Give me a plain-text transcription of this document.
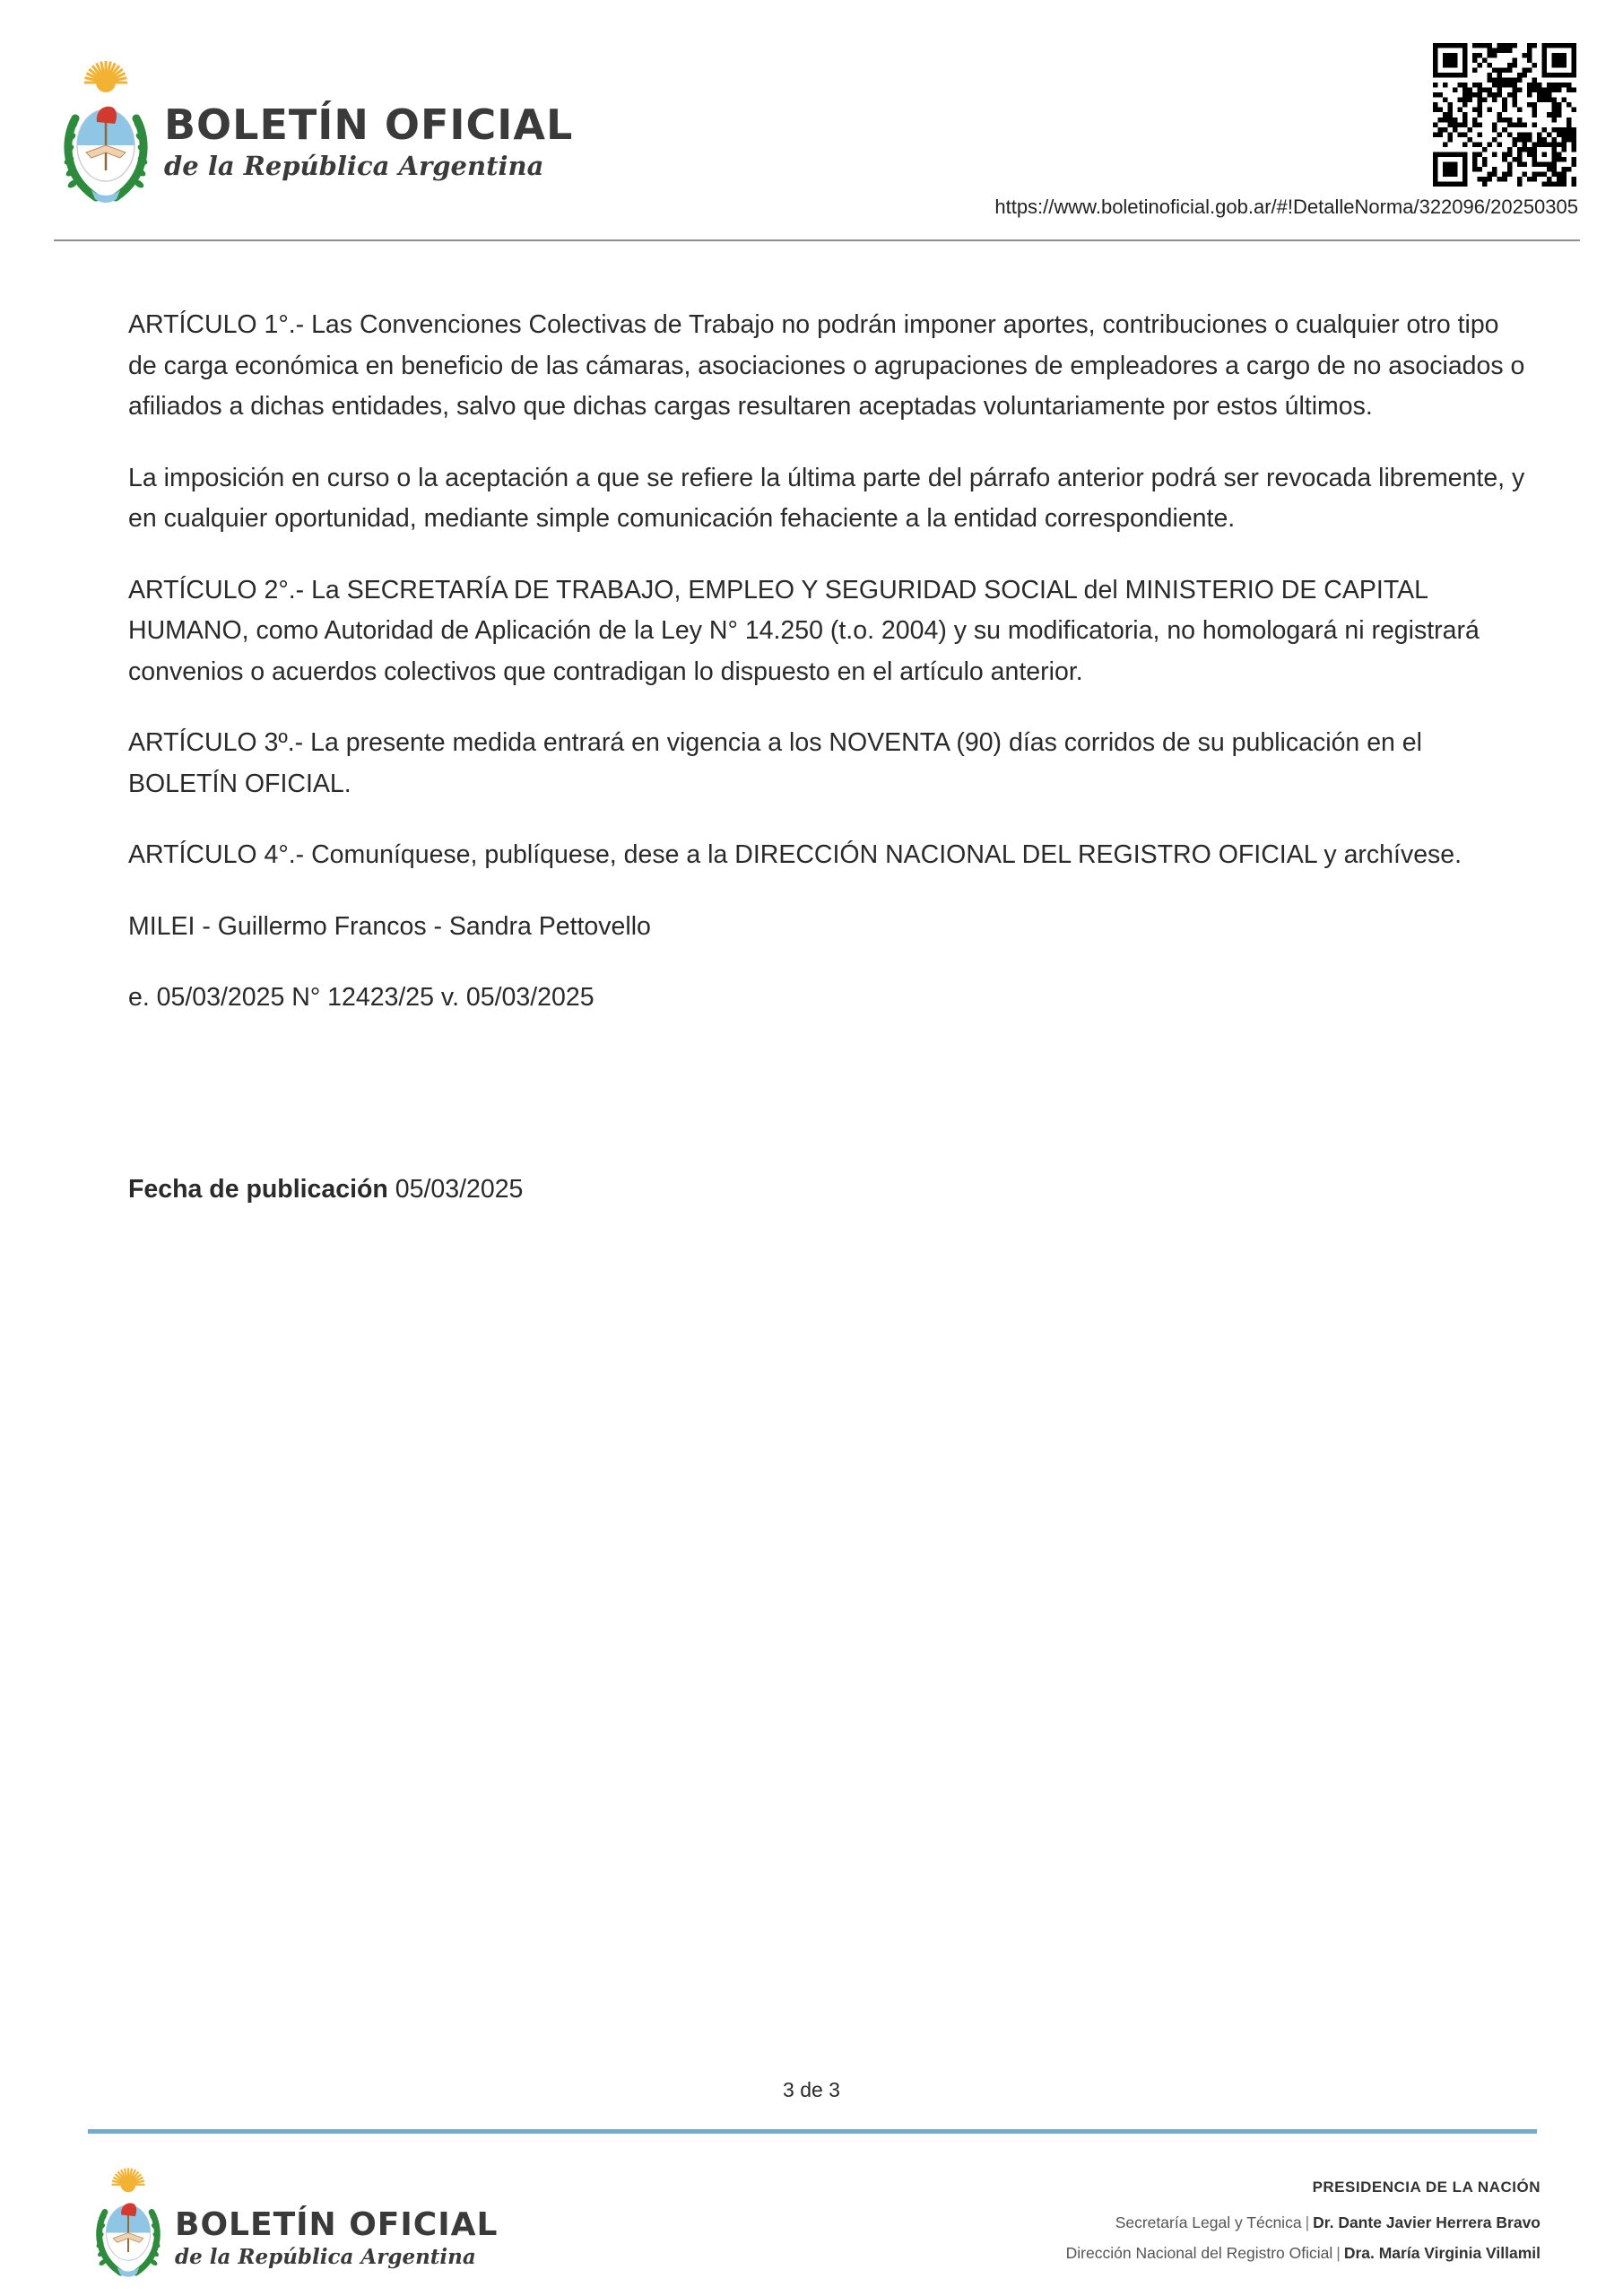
BOLETÍN OFICIAL
de la República Argentina
https://www.boletinoficial.gob.ar/#!DetalleNorma/322096/20250305

ARTÍCULO 1°.- Las Convenciones Colectivas de Trabajo no podrán imponer aportes, contribuciones o cualquier otro tipo de carga económica en beneficio de las cámaras, asociaciones o agrupaciones de empleadores a cargo de no asociados o afiliados a dichas entidades, salvo que dichas cargas resultaren aceptadas voluntariamente por estos últimos.

La imposición en curso o la aceptación a que se refiere la última parte del párrafo anterior podrá ser revocada libremente, y en cualquier oportunidad, mediante simple comunicación fehaciente a la entidad correspondiente.

ARTÍCULO 2°.- La SECRETARÍA DE TRABAJO, EMPLEO Y SEGURIDAD SOCIAL del MINISTERIO DE CAPITAL HUMANO, como Autoridad de Aplicación de la Ley N° 14.250 (t.o. 2004) y su modificatoria, no homologará ni registrará convenios o acuerdos colectivos que contradigan lo dispuesto en el artículo anterior.

ARTÍCULO 3º.- La presente medida entrará en vigencia a los NOVENTA (90) días corridos de su publicación en el BOLETÍN OFICIAL.

ARTÍCULO 4°.- Comuníquese, publíquese, dese a la DIRECCIÓN NACIONAL DEL REGISTRO OFICIAL y archívese.

MILEI - Guillermo Francos - Sandra Pettovello

e. 05/03/2025 N° 12423/25 v. 05/03/2025

Fecha de publicación 05/03/2025
3 de 3
BOLETÍN OFICIAL
de la República Argentina
PRESIDENCIA DE LA NACIÓN
Secretaría Legal y Técnica | Dr. Dante Javier Herrera Bravo
Dirección Nacional del Registro Oficial | Dra. María Virginia Villamil
